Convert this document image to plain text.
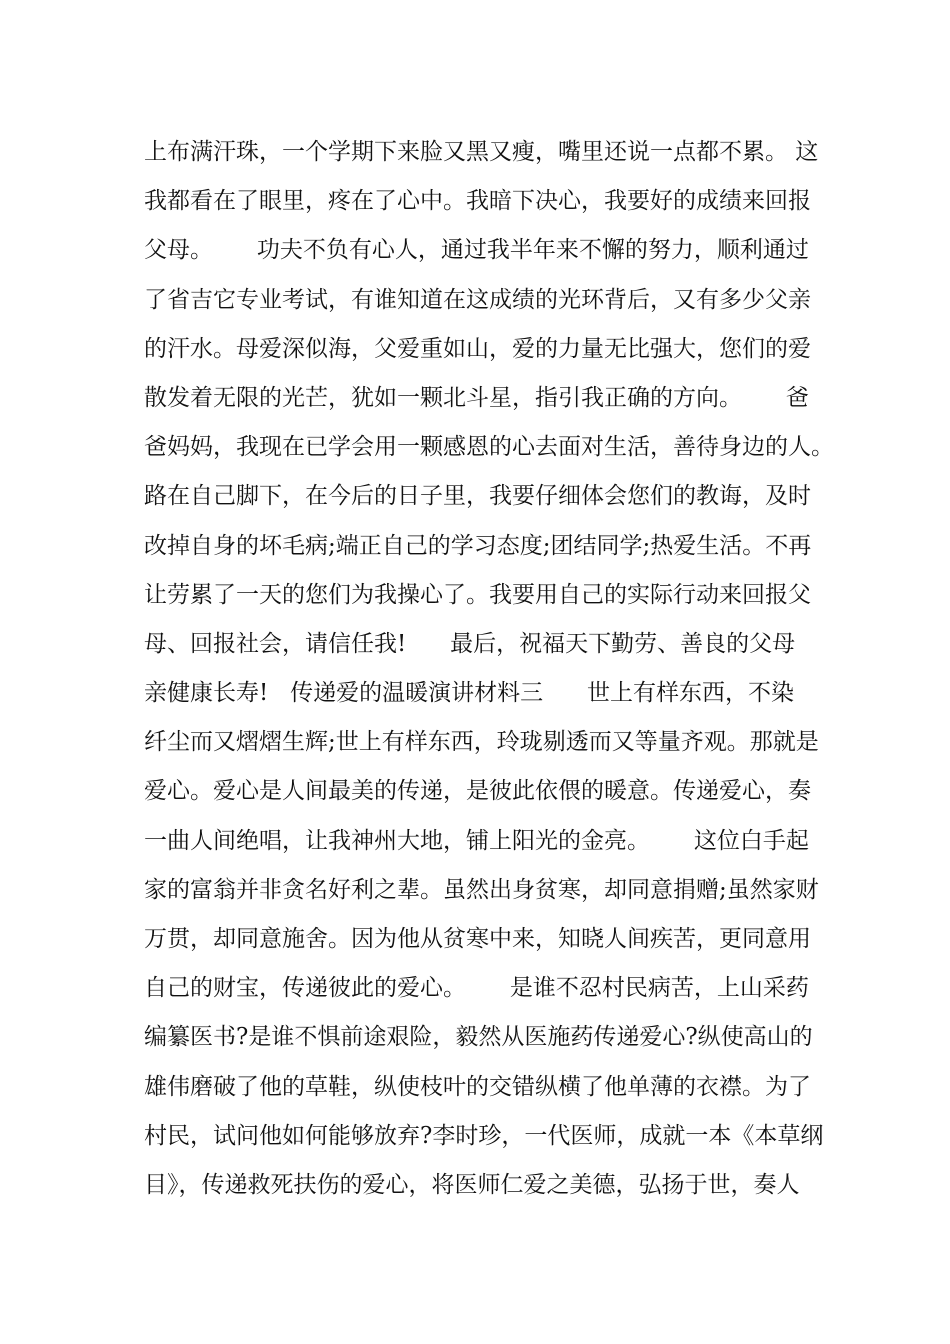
上布满汗珠，一个学期下来脸又黑又瘦，嘴里还说一点都不累。 这
我都看在了眼里，疼在了心中。我暗下决心，我要好的成绩来回报
父母。      功夫不负有心人，通过我半年来不懈的努力，顺利通过
了省吉它专业考试，有谁知道在这成绩的光环背后，又有多少父亲
的汗水。母爱深似海，父爱重如山，爱的力量无比强大，您们的爱
散发着无限的光芒，犹如一颗北斗星，指引我正确的方向。      爸
爸妈妈，我现在已学会用一颗感恩的心去面对生活，善待身边的人。
路在自己脚下，在今后的日子里，我要仔细体会您们的教诲，及时
改掉自身的坏毛病;端正自己的学习态度;团结同学;热爱生活。不再
让劳累了一天的您们为我操心了。我要用自己的实际行动来回报父
母、回报社会，请信任我!      最后，祝福天下勤劳、善良的父母
亲健康长寿!   传递爱的温暖演讲材料三      世上有样东西，不染
纤尘而又熠熠生辉;世上有样东西，玲珑剔透而又等量齐观。那就是
爱心。爱心是人间最美的传递，是彼此依偎的暖意。传递爱心，奏
一曲人间绝唱，让我神州大地，铺上阳光的金亮。      这位白手起
家的富翁并非贪名好利之辈。虽然出身贫寒，却同意捐赠;虽然家财
万贯，却同意施舍。因为他从贫寒中来，知晓人间疾苦，更同意用
自己的财宝，传递彼此的爱心。      是谁不忍村民病苦，上山采药
编纂医书?是谁不惧前途艰险，毅然从医施药传递爱心?纵使高山的
雄伟磨破了他的草鞋，纵使枝叶的交错纵横了他单薄的衣襟。为了
村民，试问他如何能够放弃?李时珍，一代医师，成就一本《本草纲
目》，传递救死扶伤的爱心，将医师仁爱之美德，弘扬于世，奏人
